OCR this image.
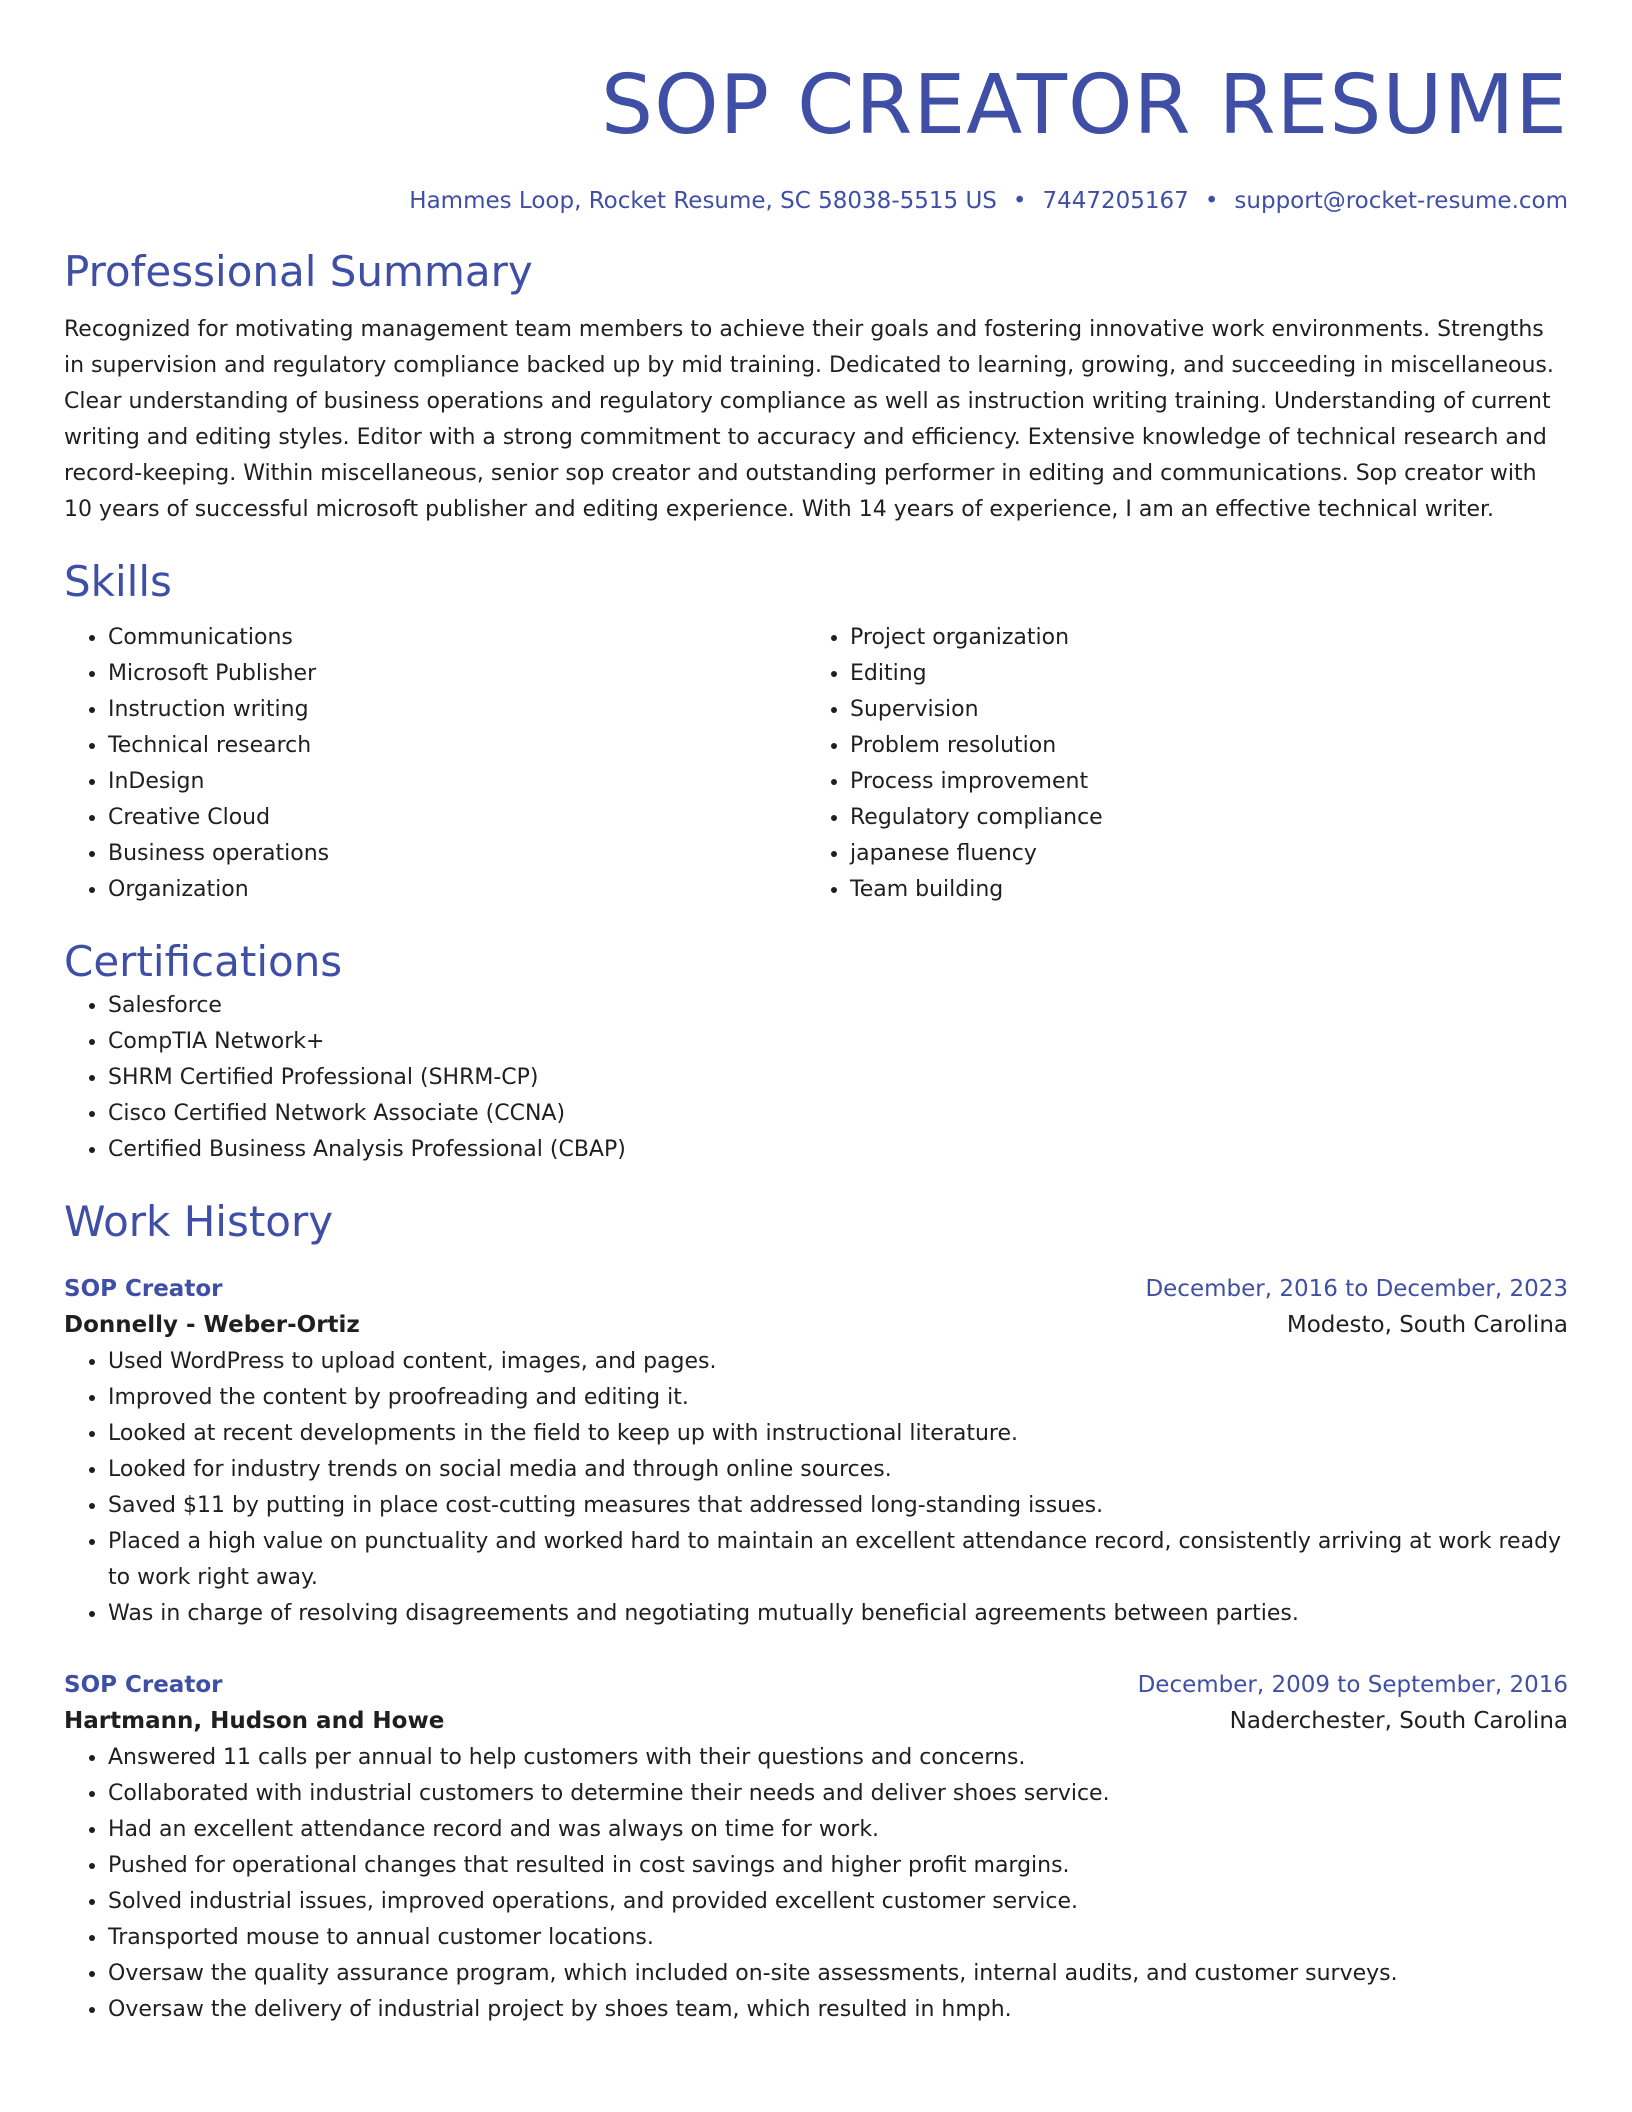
SOP CREATOR RESUME
Hammes Loop, Rocket Resume, SC 58038-5515 US • 7447205167 • support@rocket-resume.com
Professional Summary
Recognized for motivating management team members to achieve their goals and fostering innovative work environments. Strengths in supervision and regulatory compliance backed up by mid training. Dedicated to learning, growing, and succeeding in miscellaneous. Clear understanding of business operations and regulatory compliance as well as instruction writing training. Understanding of current writing and editing styles. Editor with a strong commitment to accuracy and efficiency. Extensive knowledge of technical research and record-keeping. Within miscellaneous, senior sop creator and outstanding performer in editing and communications. Sop creator with 10 years of successful microsoft publisher and editing experience. With 14 years of experience, I am an effective technical writer.
Skills
• Communications
• Microsoft Publisher
• Instruction writing
• Technical research
• InDesign
• Creative Cloud
• Business operations
• Organization
• Project organization
• Editing
• Supervision
• Problem resolution
• Process improvement
• Regulatory compliance
• japanese fluency
• Team building
Certifications
• Salesforce
• CompTIA Network+
• SHRM Certified Professional (SHRM-CP)
• Cisco Certified Network Associate (CCNA)
• Certified Business Analysis Professional (CBAP)
Work History
SOP Creator	December, 2016 to December, 2023
Donnelly - Weber-Ortiz	Modesto, South Carolina
• Used WordPress to upload content, images, and pages.
• Improved the content by proofreading and editing it.
• Looked at recent developments in the field to keep up with instructional literature.
• Looked for industry trends on social media and through online sources.
• Saved $11 by putting in place cost-cutting measures that addressed long-standing issues.
• Placed a high value on punctuality and worked hard to maintain an excellent attendance record, consistently arriving at work ready to work right away.
• Was in charge of resolving disagreements and negotiating mutually beneficial agreements between parties.
SOP Creator	December, 2009 to September, 2016
Hartmann, Hudson and Howe	Naderchester, South Carolina
• Answered 11 calls per annual to help customers with their questions and concerns.
• Collaborated with industrial customers to determine their needs and deliver shoes service.
• Had an excellent attendance record and was always on time for work.
• Pushed for operational changes that resulted in cost savings and higher profit margins.
• Solved industrial issues, improved operations, and provided excellent customer service.
• Transported mouse to annual customer locations.
• Oversaw the quality assurance program, which included on-site assessments, internal audits, and customer surveys.
• Oversaw the delivery of industrial project by shoes team, which resulted in hmph.
